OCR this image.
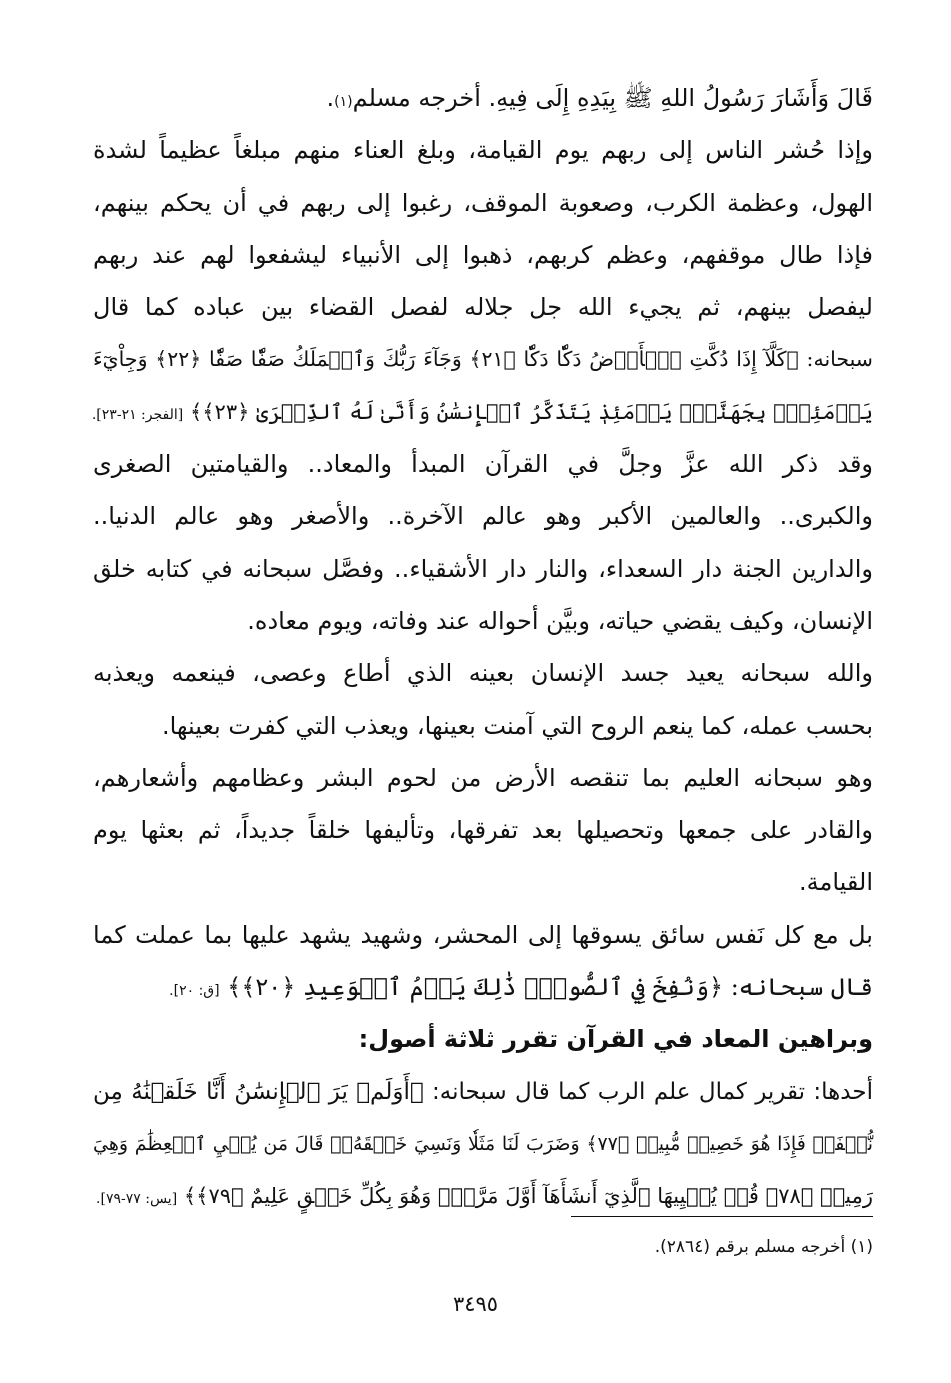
قَالَ وَأَشَارَ رَسُولُ اللهِ ﷺ بِيَدِهِ إِلَى فِيهِ. أخرجه مسلم(١).
وإذا حُشر الناس إلى ربهم يوم القيامة، وبلغ العناء منهم مبلغاً عظيماً لشدة
الهول، وعظمة الكرب، وصعوبة الموقف، رغبوا إلى ربهم في أن يحكم بينهم،
فإذا طال موقفهم، وعظم كربهم، ذهبوا إلى الأنبياء ليشفعوا لهم عند ربهم
ليفصل بينهم، ثم يجيء الله جل جلاله لفصل القضاء بين عباده كما قال
سبحانه: ﴿كَلَّآ إِذَا دُكَّتِ ٱلۡأَرۡضُ دَكّٗا دَكّٗا ﴿٢١﴾ وَجَآءَ رَبُّكَ وَٱلۡمَلَكُ صَفّٗا صَفّٗا ﴿٢٢﴾ وَجِاْيٓءَ
يَوۡمَئِذِۭ بِجَهَنَّمَۚ يَوۡمَئِذٖ يَتَذَكَّرُ ٱلۡإِنسَٰنُ وَأَنَّىٰ لَهُ ٱلذِّكۡرَىٰ ﴿٢٣﴾﴾ [الفجر: ٢١-٢٣].
وقد ذكر الله عزَّ وجلَّ في القرآن المبدأ والمعاد.. والقيامتين الصغرى
والكبرى.. والعالمين الأكبر وهو عالم الآخرة.. والأصغر وهو عالم الدنيا..
والدارين الجنة دار السعداء، والنار دار الأشقياء.. وفصَّل سبحانه في كتابه خلق
الإنسان، وكيف يقضي حياته، وبيَّن أحواله عند وفاته، ويوم معاده.
والله سبحانه يعيد جسد الإنسان بعينه الذي أطاع وعصى، فينعمه ويعذبه
بحسب عمله، كما ينعم الروح التي آمنت بعينها، ويعذب التي كفرت بعينها.
وهو سبحانه العليم بما تنقصه الأرض من لحوم البشر وعظامهم وأشعارهم،
والقادر على جمعها وتحصيلها بعد تفرقها، وتأليفها خلقاً جديداً، ثم بعثها يوم
القيامة.
بل مع كل نَفس سائق يسوقها إلى المحشر، وشهيد يشهد عليها بما عملت كما
قال سبحانه: ﴿وَنُفِخَ فِي ٱلصُّورِۚ ذَٰلِكَ يَوۡمُ ٱلۡوَعِيدِ ﴿٢٠﴾﴾ [ق: ٢٠].
وبراهين المعاد في القرآن تقرر ثلاثة أصول:
أحدها: تقرير كمال علم الرب كما قال سبحانه: ﴿أَوَلَمۡ يَرَ ٱلۡإِنسَٰنُ أَنَّا خَلَقۡنَٰهُ مِن
نُّطۡفَةٖ فَإِذَا هُوَ خَصِيمٞ مُّبِينٞ ﴿٧٧﴾ وَضَرَبَ لَنَا مَثَلٗا وَنَسِيَ خَلۡقَهُۥۖ قَالَ مَن يُحۡيِ ٱلۡعِظَٰمَ وَهِيَ
رَمِيمٞ ﴿٧٨﴾ قُلۡ يُحۡيِيهَا ٱلَّذِيٓ أَنشَأَهَآ أَوَّلَ مَرَّةٖۖ وَهُوَ بِكُلِّ خَلۡقٍ عَلِيمٌ ﴿٧٩﴾﴾ [يس: ٧٧-٧٩].
(١) أخرجه مسلم برقم (٢٨٦٤).
٣٤٩٥
